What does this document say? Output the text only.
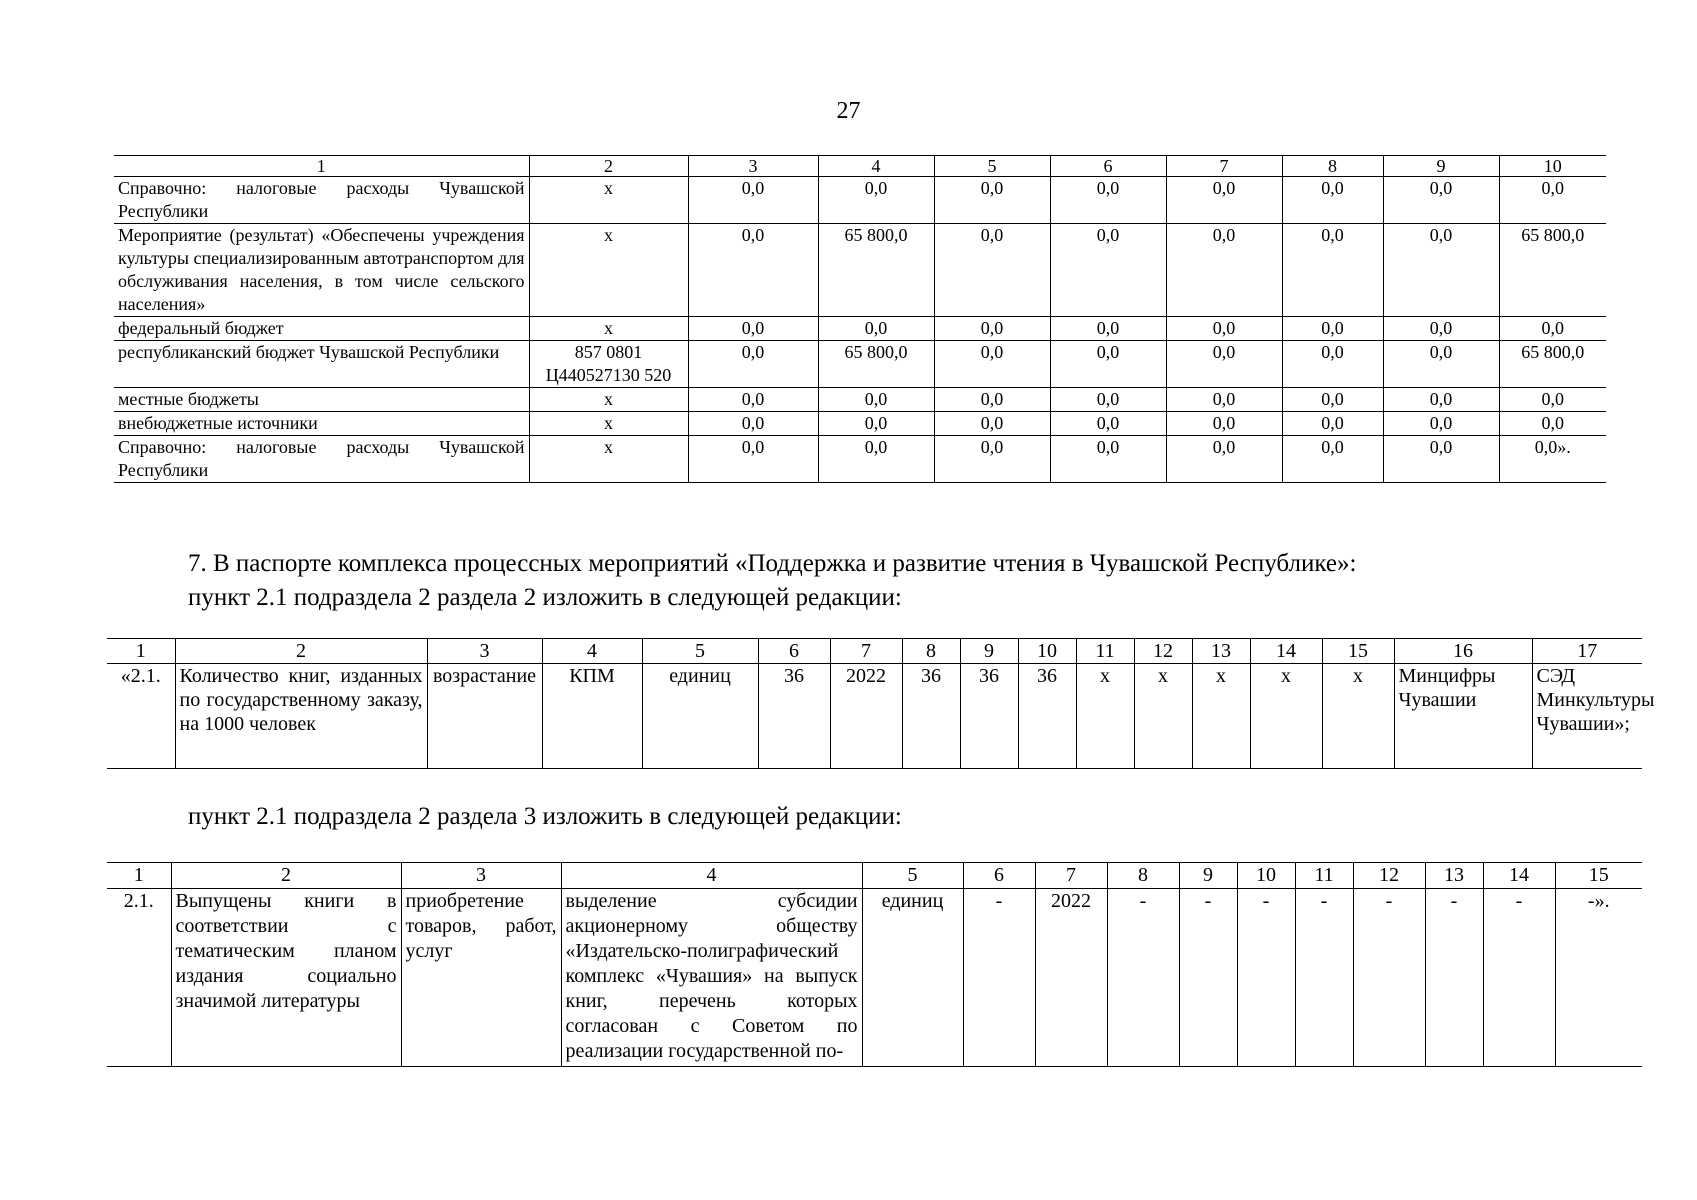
27
1	2	3	4	5	6	7	8	9	10
Справочно: налоговые расходы Чувашской Республики	х	0,0	0,0	0,0	0,0	0,0	0,0	0,0	0,0
Мероприятие (результат) «Обеспечены учреждения культуры специализированным автотранспортом для обслуживания населения, в том числе сельского населения»	х	0,0	65 800,0	0,0	0,0	0,0	0,0	0,0	65 800,0
федеральный бюджет	х	0,0	0,0	0,0	0,0	0,0	0,0	0,0	0,0
республиканский бюджет Чувашской Республики	857 0801 Ц440527130 520	0,0	65 800,0	0,0	0,0	0,0	0,0	0,0	65 800,0
местные бюджеты	х	0,0	0,0	0,0	0,0	0,0	0,0	0,0	0,0
внебюджетные источники	х	0,0	0,0	0,0	0,0	0,0	0,0	0,0	0,0
Справочно: налоговые расходы Чувашской Республики	х	0,0	0,0	0,0	0,0	0,0	0,0	0,0	0,0».
7. В паспорте комплекса процессных мероприятий «Поддержка и развитие чтения в Чувашской Республике»:
пункт 2.1 подраздела 2 раздела 2 изложить в следующей редакции:
1	2	3	4	5	6	7	8	9	10	11	12	13	14	15	16	17
«2.1.	Количество книг, изданных по государственному заказу, на 1000 человек	возрастание	КПМ	единиц	36	2022	36	36	36	х	х	х	х	х	Минцифры Чувашии	СЭД Минкультуры Чувашии»;
пункт 2.1 подраздела 2 раздела 3 изложить в следующей редакции:
1	2	3	4	5	6	7	8	9	10	11	12	13	14	15
2.1.	Выпущены книги в соответствии с тематическим планом издания социально значимой литературы	приобретение товаров, работ, услуг	выделение субсидии акционерному обществу «Издательско-полиграфический комплекс «Чувашия» на выпуск книг, перечень которых согласован с Советом по реализации государственной по-	единиц	-	2022	-	-	-	-	-	-	-	-».
